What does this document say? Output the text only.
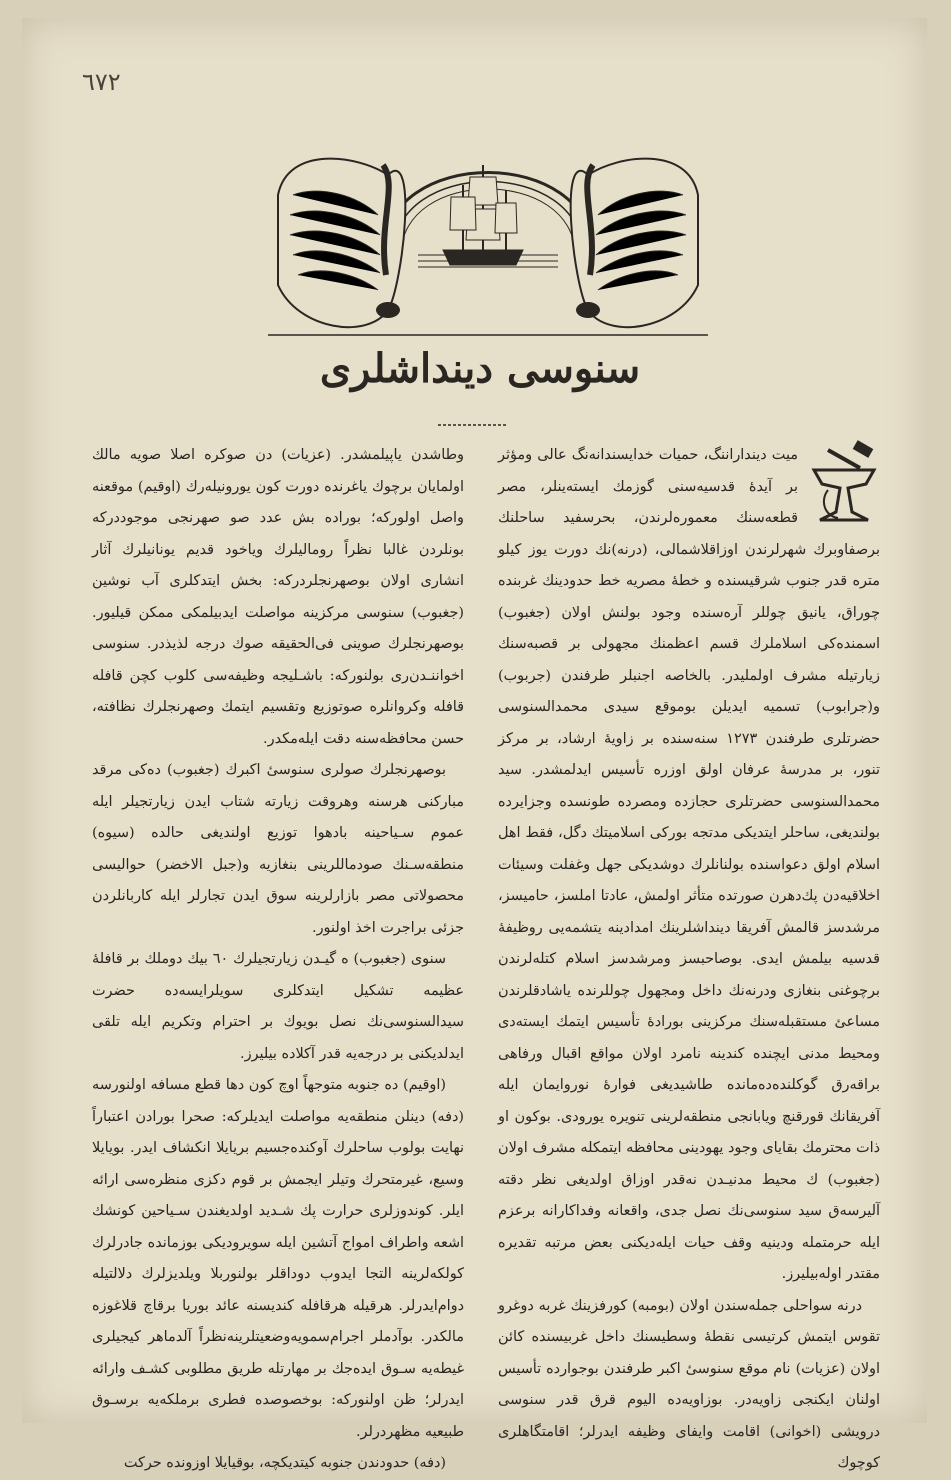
٦٧٢
سنوسی دینداشلری

میت دینداراننگ، حمیات خدایسندانه‌نگ عالی ومؤثر بر آیدهٔ قدسیه‌سنی گوزمك ایسته‌ینلر، مصر قطعه‌سنك معموره‌لرندن، بحرسفید ساحلنك برصفاوبرك شهرلرندن اوزاقلاشمالی، (درنه)نك دورت یوز کیلو متره قدر جنوب شرقیسنده و خطهٔ مصریه خط حدودینك غربنده چوراق، یانیق چوللر آره‌سنده وجود بولنش اولان (جغبوب) اسمنده‌کی اسلاملرك قسم اعظمنك مجهولی بر قصبه‌سنك زیارتیله مشرف اولملیدر. بالخاصه اجنبلر طرفندن (جربوب) و(جرابوب) تسمیه ایدیلن بوموقع سیدی محمدالسنوسی حضرتلری طرفندن ۱۲۷۳ سنه‌سنده بر زاویهٔ ارشاد، بر مرکز تنور، بر مدرسهٔ عرفان اولق اوزره تأسیس ایدلمشدر. سید محمدالسنوسی حضرتلری حجازده ومصرده طونسده وجزایرده بولندیغی، ساحلر ایتدیکی مدتجه بورکی اسلامیتك دگل، فقط اهل اسلام اولق دعواسنده بولنانلرك دوشدیکی جهل وغفلت وسیئات اخلاقیه‌دن پك‌دهرن صورتده متأثر اولمش، عادتا املسز، حامیسز، مرشدسز قالمش آفریقا دینداشلرینك امدادینه یتشمه‌یی روظیفهٔ قدسیه بیلمش ایدی. بوصاحبسز ومرشدسز اسلام کتله‌لرندن برچوغنی بنغازی ودرنه‌نك داخل ومجهول چوللرنده یاشادقلرندن مساعئ مستقبله‌سنك مرکزینی بورادهٔ تأسیس ایتمك ایسته‌دی ومحیط مدنی ایچنده کندینه نامرد اولان مواقع اقبال ورفاهی براقه‌رق گوکلنده‌ده‌مانده طاشیدیغی فوارهٔ نوروایمان ایله آفریقانك قورقنچ ویابانجی منطقه‌لرینی تنویره یورودی. بوکون او ذات محترمك بقایای وجود یهودینی محافظه ایتمکله مشرف اولان (جغبوب) ك محیط مدنیـدن نه‌قدر اوزاق اولدیغی نظر دقته آلیرسه‌ق سید سنوسی‌نك نصل جدی، واقعانه وفداکارانه برعزم ایله حرمتمله ودینیه وقف حیات ایله‌دیکنی بعض مرتبه تقدیره مقتدر اوله‌بیلیرز.

درنه سواحلی جمله‌سندن اولان (بومبه) کورفزینك غربه دوغرو تقوس ایتمش کرتیسی نقطهٔ وسطیسنك داخل غربیسنده کائن اولان (عزیات) نام موقع سنوسیٔ اکبر طرفندن بوجوارده تأسیس اولنان ایکنجی زاویه‌در. بوزاویه‌ده الیوم قرق قدر سنوسی درویشی (اخوانی) اقامت وایفای وظیفه ایدرلر؛ اقامتگاهلری کوچوك

وطاشدن یاپیلمشدر. (عزیات) دن صوکره اصلا صویه مالك اولمایان برچوك یاغرنده دورت کون یورونیله‌رك (اوقیم) موقعنه واصل اولورکه؛ بوراده بش عدد صو صهرنجی موجوددرکه بونلردن غالبا نظراً رومالیلرك ویاخود قدیم یونانیلرك آثار انشاری اولان بوصهرنجلردرکه: بخش ایتدکلری آب نوشین (جغبوب) سنوسی مرکزینه مواصلت ایدبیلمکی ممکن قیلیور. بوصهرنجلرك صوینی فی‌الحقیقه صوك درجه لذیذدر. سنوسی اخواننـدن‌ری بولنورکه: باشـلیجه وظیفه‌سی کلوب کچن قافله قافله وکروانلره صوتوزیع وتقسیم ایتمك وصهرنجلرك نظافته، حسن محافظه‌سنه دقت ایله‌مکدر.

بوصهرنجلرك صولری سنوسیٔ اکبرك (جغبوب) ده‌کی مرقد مبارکنی هرسنه وهروقت زیارته شتاب ایدن زیارتجیلر ایله عموم سـیاحینه بادهوا توزیع اولندیغی حالده (سیوه) منطقه‌سـنك صودماللرینی بنغازیه و(جبل الاخضر) حوالیسی محصولاتی مصر بازارلرینه سوق ایدن تجارلر ایله کاربانلردن جزئی براجرت اخذ اولنور.

سنوی (جغبوب) ه گیـدن زیارتجیلرك ٦٠ بیك دوملك بر قافلهٔ عظیمه تشکیل ایتدکلری سویلرایسه‌ده حضرت سیدالسنوسی‌نك نصل بویوك بر احترام وتکریم ایله تلقی ایدلدیکنی بر درجه‌یه قدر آکلاده بیلیرز.

(اوقیم) ده جنوبه متوجهاً اوچ کون دها قطع مسافه اولنورسه (دفه) دینلن منطقه‌یه مواصلت ایدیلرکه: صحرا بورادن اعتباراً نهایت بولوب ساحلرك آوکنده‌جسیم بریایلا انکشاف ایدر. بویایلا وسیع، غیرمتحرك وتیلر ایجمش بر قوم دکزی منظره‌سی ارائه ایلر. کوندوزلری حرارت پك شـدید اولدیغندن سـیاحین کونشك اشعه واطراف امواج آتشین ایله سویرودیکی بوزمانده جادرلرك کولکه‌لرینه التجا ایدوب دوداقلر بولنوربلا ویلدیزلرك دلالتیله دوام‌ایدرلر. هرقیله هرقافله کندیسنه عائد بوریا برقاچ قلاغوزه مالکدر. بوآدملر اجرام‌سمویه‌وضعیتلرینه‌نظراً آلدماهر کیجیلری غیطه‌یه سـوق ایده‌جك بر مهارتله طریق مطلوبی کشـف وارائه ایدرلر؛ ظن اولنورکه: بوخصوصده فطری برملکه‌یه برسـوق طبیعیه مظهردرلر.

(دفه) حدودندن جنوبه کیتدیکچه، بوقیایلا اوزونده حرکت
